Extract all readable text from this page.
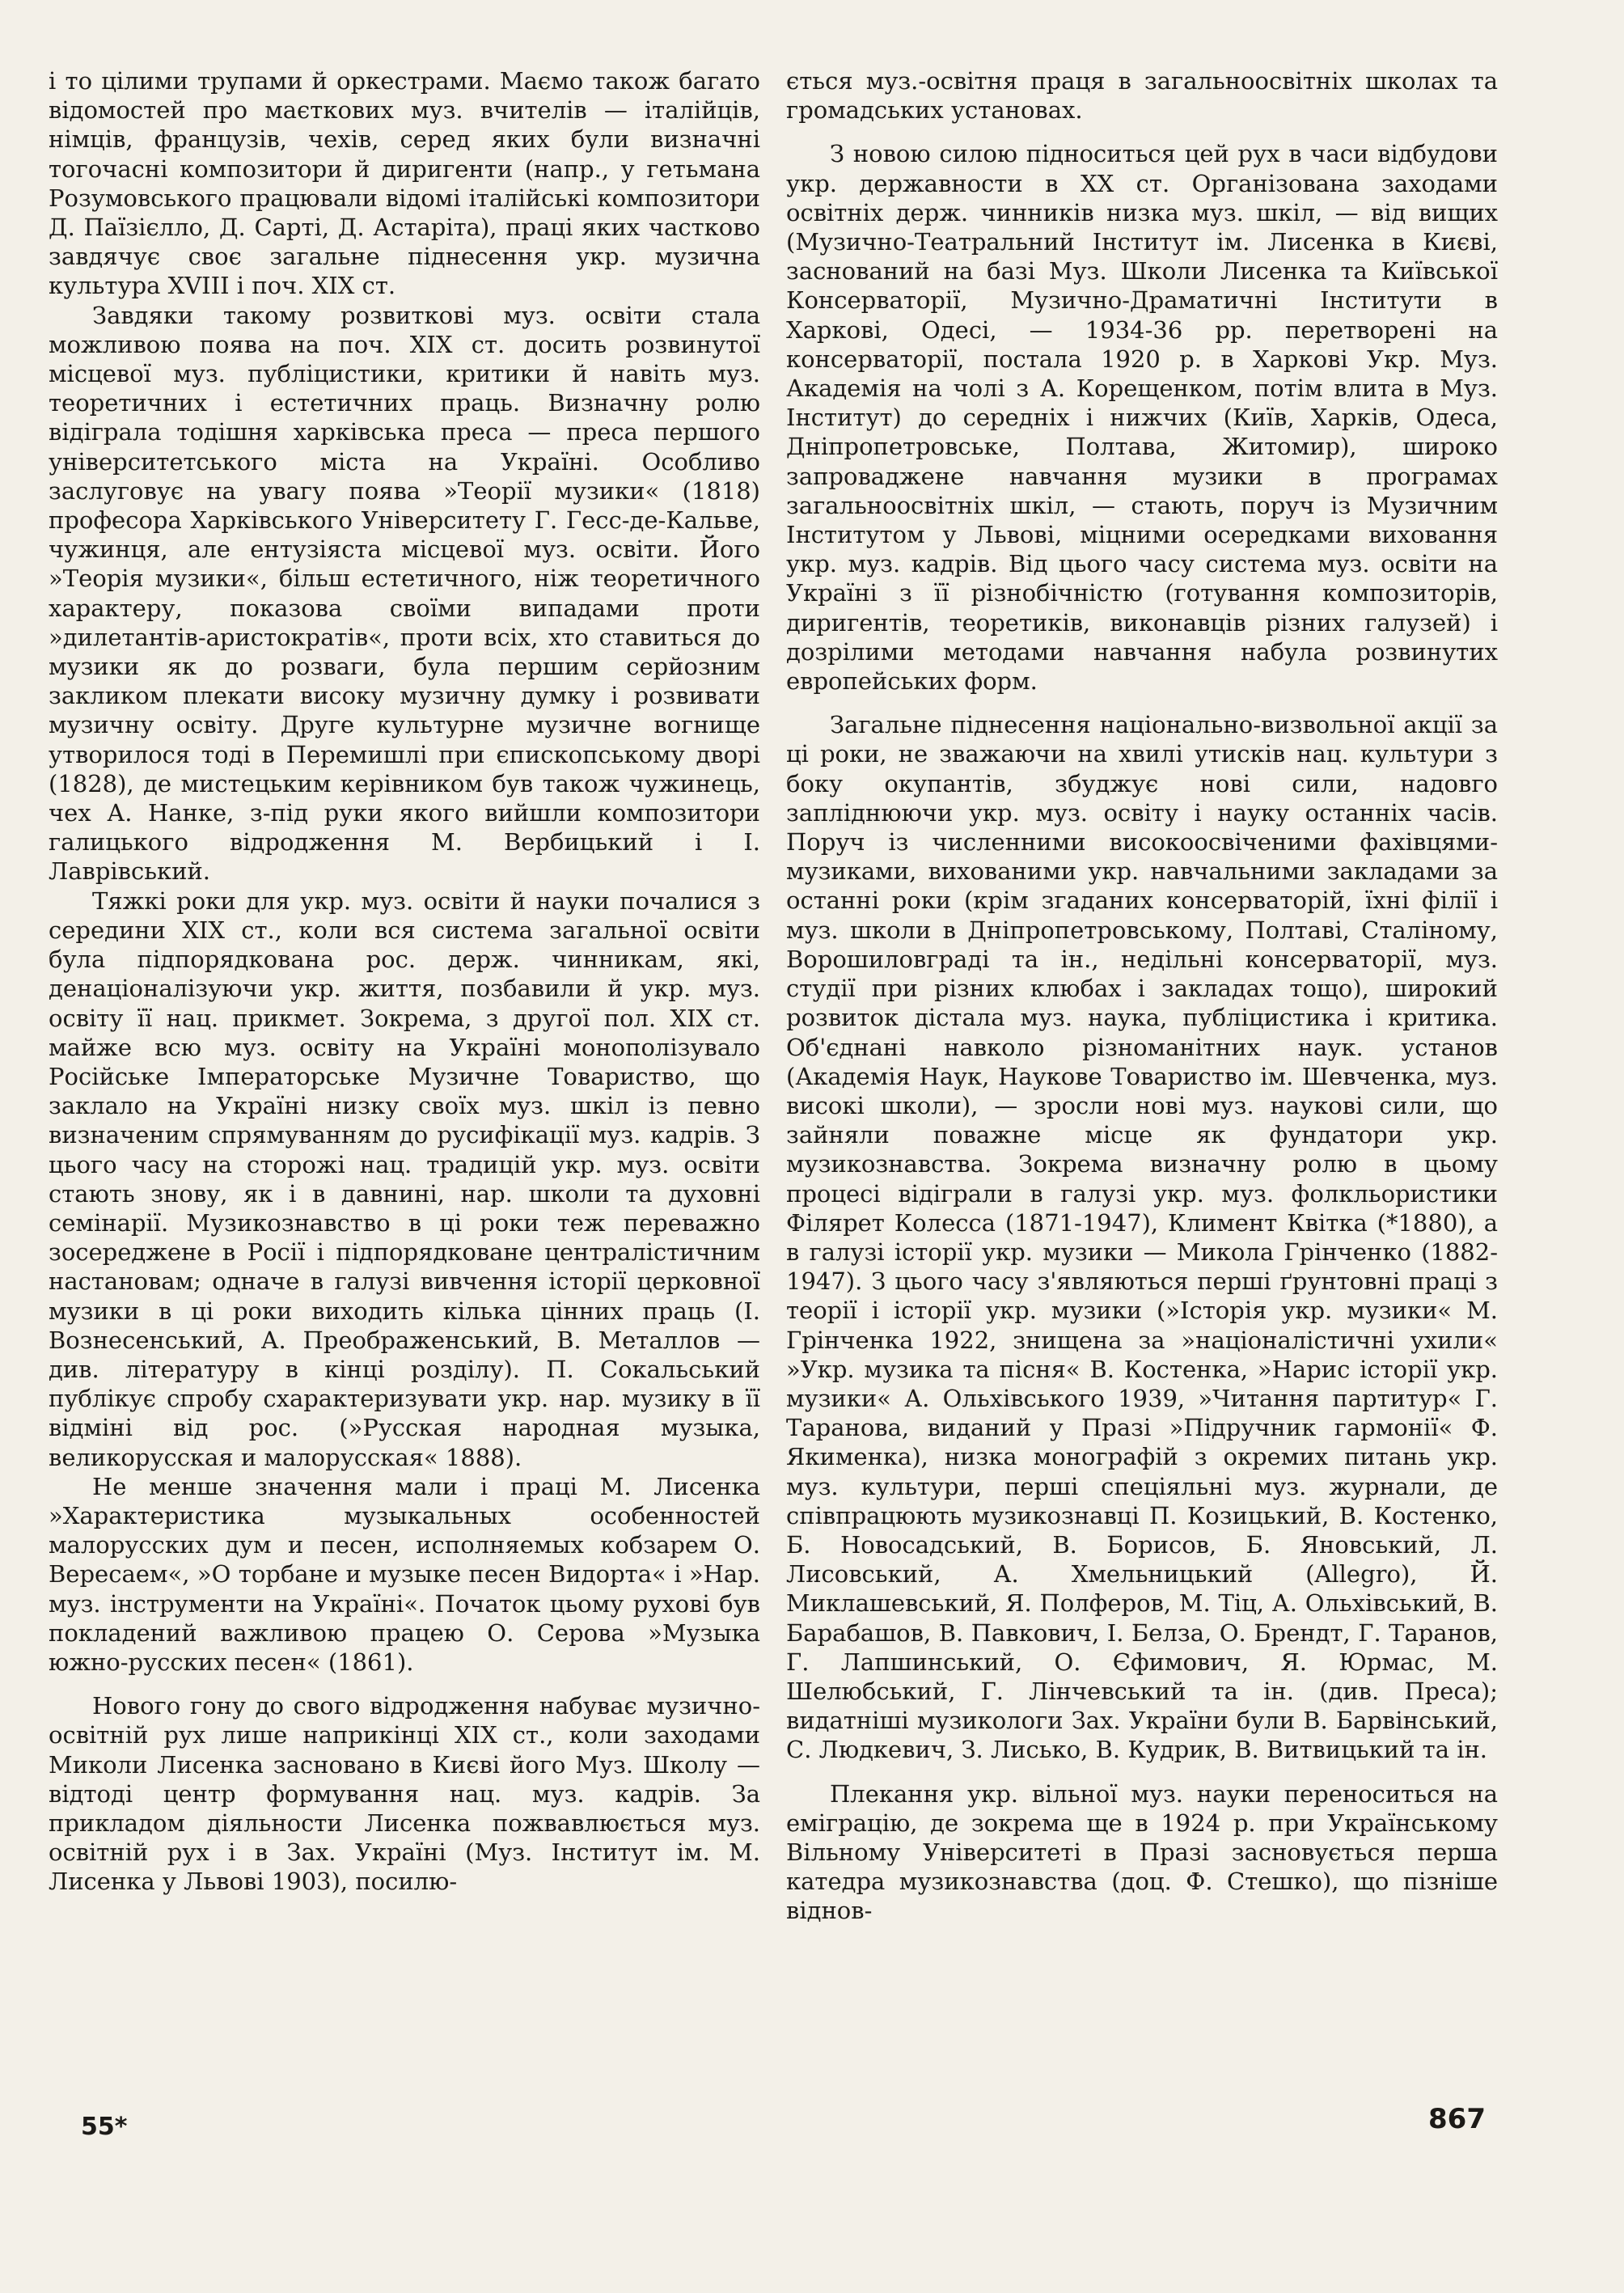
і то цілими трупами й оркестрами. Маємо також багато відомостей про маєткових муз. вчителів — італійців, німців, французів, чехів, серед яких були визначні тогочасні композитори й диригенти (напр., у гетьмана Розумовського працювали відомі італійські композитори Д. Паїзієлло, Д. Сарті, Д. Астаріта), праці яких частково завдячує своє загальне піднесення укр. музична культура XVIII і поч. XIX ст.

Завдяки такому розвиткові муз. освіти стала можливою поява на поч. XIX ст. досить розвинутої місцевої муз. публіцистики, критики й навіть муз. теоретичних і естетичних праць. Визначну ролю відіграла тодішня харківська преса — преса першого університетського міста на Україні. Особливо заслуговує на увагу поява »Теорії музики« (1818) професора Харківського Університету Г. Гесс-де-Кальве, чужинця, але ентузіяста місцевої муз. освіти. Його »Теорія музики«, більш естетичного, ніж теоретичного характеру, показова своїми випадами проти »дилетантів-аристократів«, проти всіх, хто ставиться до музики як до розваги, була першим серйозним закликом плекати високу музичну думку і розвивати музичну освіту. Друге культурне музичне вогнище утворилося тоді в Перемишлі при єпископському дворі (1828), де мистецьким керівником був також чужинець, чех А. Нанке, з-під руки якого вийшли композитори галицького відродження М. Вербицький і І. Лаврівський.

Тяжкі роки для укр. муз. освіти й науки почалися з середини XIX ст., коли вся система загальної освіти була підпорядкована рос. держ. чинникам, які, денаціоналізуючи укр. життя, позбавили й укр. муз. освіту її нац. прикмет. Зокрема, з другої пол. XIX ст. майже всю муз. освіту на Україні монополізувало Російське Імператорське Музичне Товариство, що заклало на Україні низку своїх муз. шкіл із певно визначеним спрямуванням до русифікації муз. кадрів. З цього часу на сторожі нац. традицій укр. муз. освіти стають знову, як і в давнині, нар. школи та духовні семінарії. Музикознавство в ці роки теж переважно зосереджене в Росії і підпорядковане централістичним настановам; одначе в галузі вивчення історії церковної музики в ці роки виходить кілька цінних праць (І. Вознесенський, А. Преображенський, В. Металлов — див. літературу в кінці розділу). П. Сокальський публікує спробу схарактеризувати укр. нар. музику в її відміні від рос. (»Русская народная музыка, великорусская и малорусская« 1888).

Не менше значення мали і праці М. Лисенка »Характеристика музыкальных особенностей малорусских дум и песен, исполняемых кобзарем О. Вересаем«, »О торбане и музыке песен Видорта« і »Нар. муз. інструменти на Україні«. Початок цьому руховi був покладений важливою працею О. Серова »Музыка южно-русских песен« (1861).

Нового гону до свого відродження набуває музично-освітній рух лише наприкінці XIX ст., коли заходами Миколи Лисенка засновано в Києві його Муз. Школу — відтоді центр формування нац. муз. кадрів. За прикладом діяльности Лисенка пожвавлюється муз. освітній рух і в Зах. Україні (Муз. Інститут ім. М. Лисенка у Львові 1903), посилю-

ється муз.-освітня праця в загальноосвітніх школах та громадських установах.

З новою силою підноситься цей рух в часи відбудови укр. державности в XX ст. Організована заходами освітніх держ. чинників низка муз. шкіл, — від вищих (Музично-Театральний Інститут ім. Лисенка в Києві, заснований на базі Муз. Школи Лисенка та Київської Консерваторії, Музично-Драматичні Інститути в Харкові, Одесі, — 1934-36 рр. перетворені на консерваторії, постала 1920 р. в Харкові Укр. Муз. Академія на чолі з А. Корещенком, потім влита в Муз. Інститут) до середніх і нижчих (Київ, Харків, Одеса, Дніпропетровське, Полтава, Житомир), широко запроваджене навчання музики в програмах загальноосвітніх шкіл, — стають, поруч із Музичним Інститутом у Львові, міцними осередками виховання укр. муз. кадрів. Від цього часу система муз. освіти на Україні з її різнобічністю (готування композиторів, диригентів, теоретиків, виконавців різних галузей) і дозрілими методами навчання набула розвинутих европейських форм.

Загальне піднесення національно-визвольної акції за ці роки, не зважаючи на хвилі утисків нац. культури з боку окупантів, збуджує нові сили, надовго запліднюючи укр. муз. освіту і науку останніх часів. Поруч із численними високоосвіченими фахівцями-музиками, вихованими укр. навчальними закладами за останні роки (крім згаданих консерваторій, їхні філії і муз. школи в Дніпропетровському, Полтаві, Сталіному, Ворошиловграді та ін., недільні консерваторії, муз. студії при різних клюбах і закладах тощо), широкий розвиток дістала муз. наука, публіцистика і критика. Об'єднані навколо різноманітних наук. установ (Академія Наук, Наукове Товариство ім. Шевченка, муз. високі школи), — зросли нові муз. наукові сили, що зайняли поважне місце як фундатори укр. музикознавства. Зокрема визначну ролю в цьому процесі відіграли в галузі укр. муз. фолкльористики Філярет Колесса (1871-1947), Климент Квітка (*1880), а в галузі історії укр. музики — Микола Грінченко (1882-1947). З цього часу з'являються перші ґрунтовні праці з теорії і історії укр. музики (»Історія укр. музики« М. Грінченка 1922, знищена за »націоналістичні ухили« »Укр. музика та пісня« В. Костенка, »Нарис історії укр. музики« А. Ольхівського 1939, »Читання партитур« Г. Таранова, виданий у Празі »Підручник гармонії« Ф. Якименка), низка монографій з окремих питань укр. муз. культури, перші спеціяльні муз. журнали, де співпрацюють музикознавці П. Козицький, В. Костенко, Б. Новосадський, В. Борисов, Б. Яновський, Л. Лисовський, А. Хмельницький (Allegro), Й. Миклашевський, Я. Полферов, М. Тіц, А. Ольхівський, В. Барабашов, В. Павкович, І. Белза, О. Брендт, Г. Таранов, Г. Лапшинський, О. Єфимович, Я. Юрмас, М. Шелюбський, Г. Лінчевський та ін. (див. Преса); видатніші музикологи Зах. України були В. Барвінський, С. Людкевич, З. Лисько, В. Кудрик, В. Витвицький та ін.

Плекання укр. вільної муз. науки переноситься на еміграцію, де зокрема ще в 1924 р. при Українському Вільному Університеті в Празі засновується перша катедра музикознавства (доц. Ф. Стешко), що пізніше віднов-

55*	867
